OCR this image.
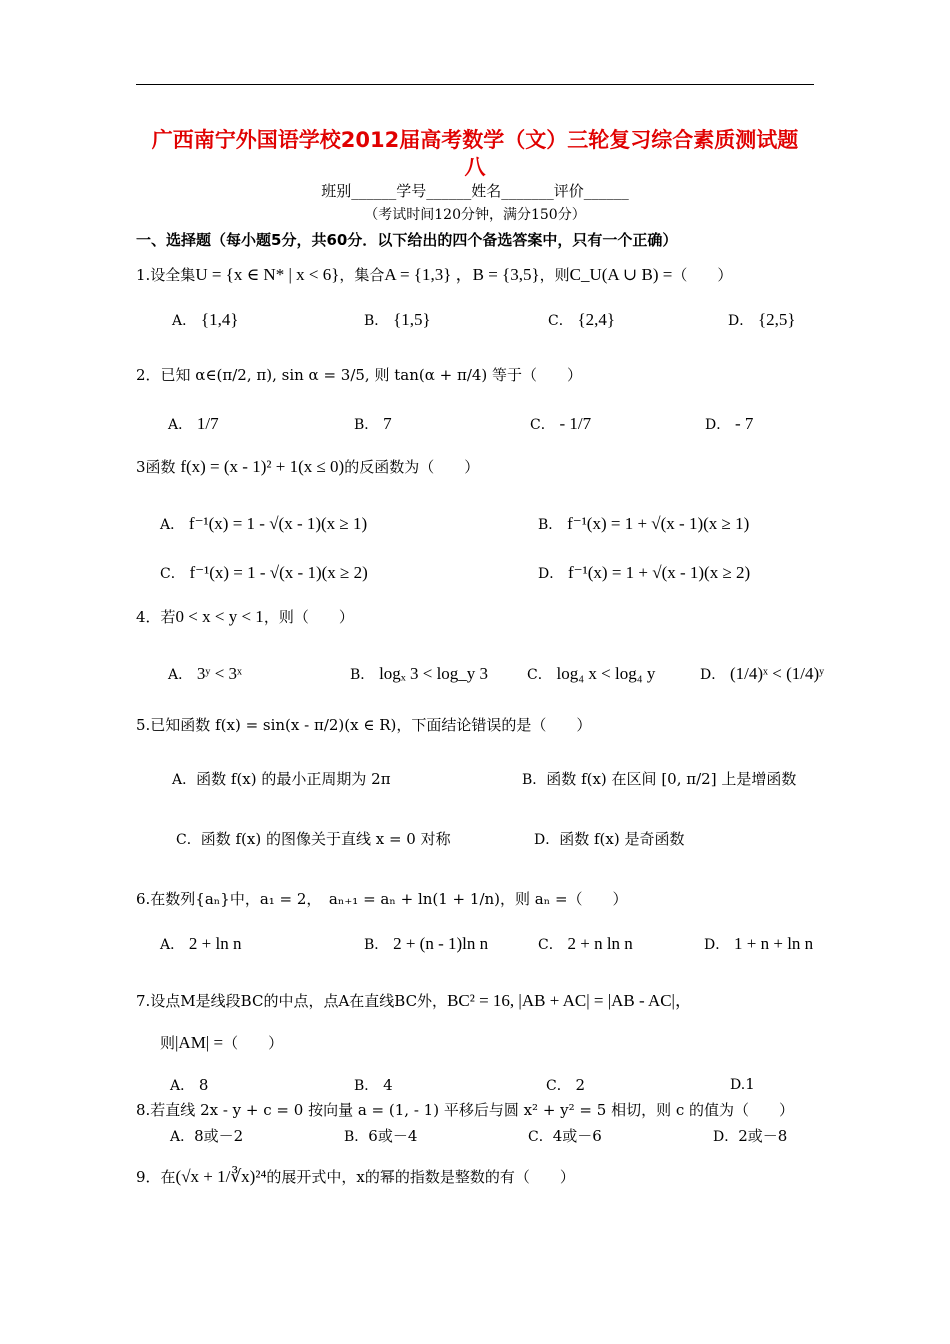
广西南宁外国语学校2012届高考数学（文）三轮复习综合素质测试题
八
班别______学号______姓名_______评价______
（考试时间120分钟，满分150分）
一、选择题（每小题5分，共60分．以下给出的四个备选答案中，只有一个正确）
1.设全集U = {x ∈ N* | x < 6}，集合A = {1,3} ，B = {3,5}，则C_U(A ∪ B) =（　　）
A． {1,4}	B． {1,5}	C． {2,4}	D． {2,5}
2．已知 α∈(π/2, π), sin α = 3/5, 则 tan(α + π/4) 等于（　　）
A． 1/7	B． 7	C． - 1/7	D． - 7
3函数 f(x) = (x - 1)² + 1(x ≤ 0)的反函数为（　　）
A． f⁻¹(x) = 1 - √(x - 1)(x ≥ 1)	B． f⁻¹(x) = 1 + √(x - 1)(x ≥ 1)
C． f⁻¹(x) = 1 - √(x - 1)(x ≥ 2)	D． f⁻¹(x) = 1 + √(x - 1)(x ≥ 2)
4．若0 < x < y < 1，则（　　）
A． 3ʸ < 3ˣ	B． logₓ 3 < log_y 3	C． log₄ x < log₄ y	D． (1/4)ˣ < (1/4)ʸ
5.已知函数 f(x) = sin(x - π/2)(x ∈ R)，下面结论错误的是（　　）
A．函数 f(x) 的最小正周期为 2π	B．函数 f(x) 在区间 [0, π/2] 上是增函数
C．函数 f(x) 的图像关于直线 x = 0 对称	D．函数 f(x) 是奇函数
6.在数列{aₙ}中，a₁ = 2，　aₙ₊₁ = aₙ + ln(1 + 1/n)，则 aₙ =（　　）
A． 2 + ln n	B． 2 + (n - 1)ln n	C． 2 + n ln n	D． 1 + n + ln n
7.设点M是线段BC的中点，点A在直线BC外，BC² = 16, |AB + AC| = |AB - AC|，
则|AM| =（　　）
A． 8	B． 4	C． 2	D.1
8.若直线 2x - y + c = 0 按向量 a = (1, - 1) 平移后与圆 x² + y² = 5 相切，则 c 的值为（　　）
A．8或－2	B．6或－4	C．4或－6	D．2或－8
9．在(√x + 1/∛x)²⁴的展开式中，x的幂的指数是整数的有（　　）
